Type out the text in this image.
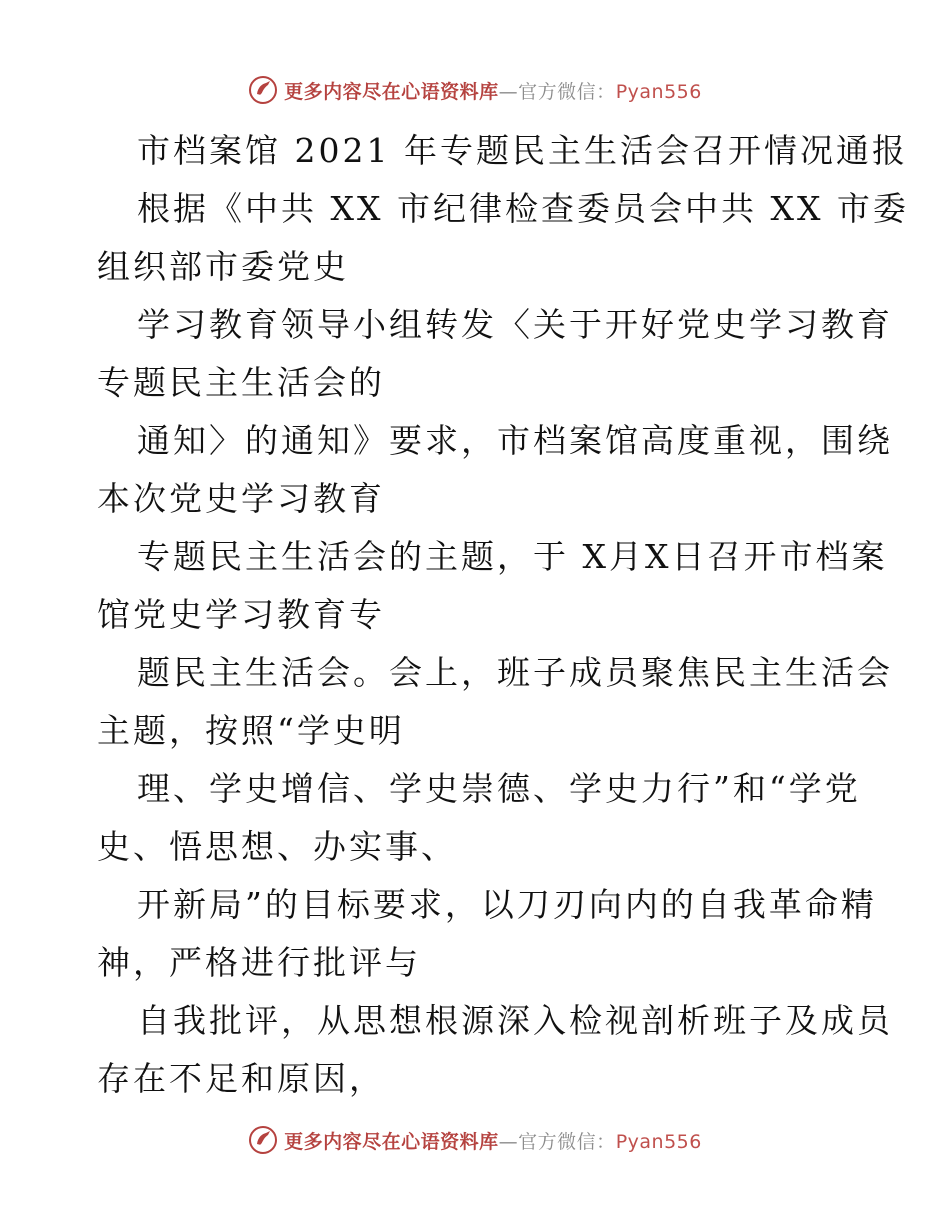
更多内容尽在心语资料库—官方微信：Pyan556
市档案馆 2021 年专题民主生活会召开情况通报
根据《中共 XX 市纪律检查委员会中共 XX 市委
组织部市委党史
学习教育领导小组转发〈关于开好党史学习教育
专题民主生活会的
通知〉的通知》要求，市档案馆高度重视，围绕
本次党史学习教育
专题民主生活会的主题，于 X月X日召开市档案
馆党史学习教育专
题民主生活会。会上，班子成员聚焦民主生活会
主题，按照“学史明
理、学史增信、学史崇德、学史力行”和“学党
史、悟思想、办实事、
开新局”的目标要求，以刀刃向内的自我革命精
神，严格进行批评与
自我批评，从思想根源深入检视剖析班子及成员
存在不足和原因，
更多内容尽在心语资料库—官方微信：Pyan556
